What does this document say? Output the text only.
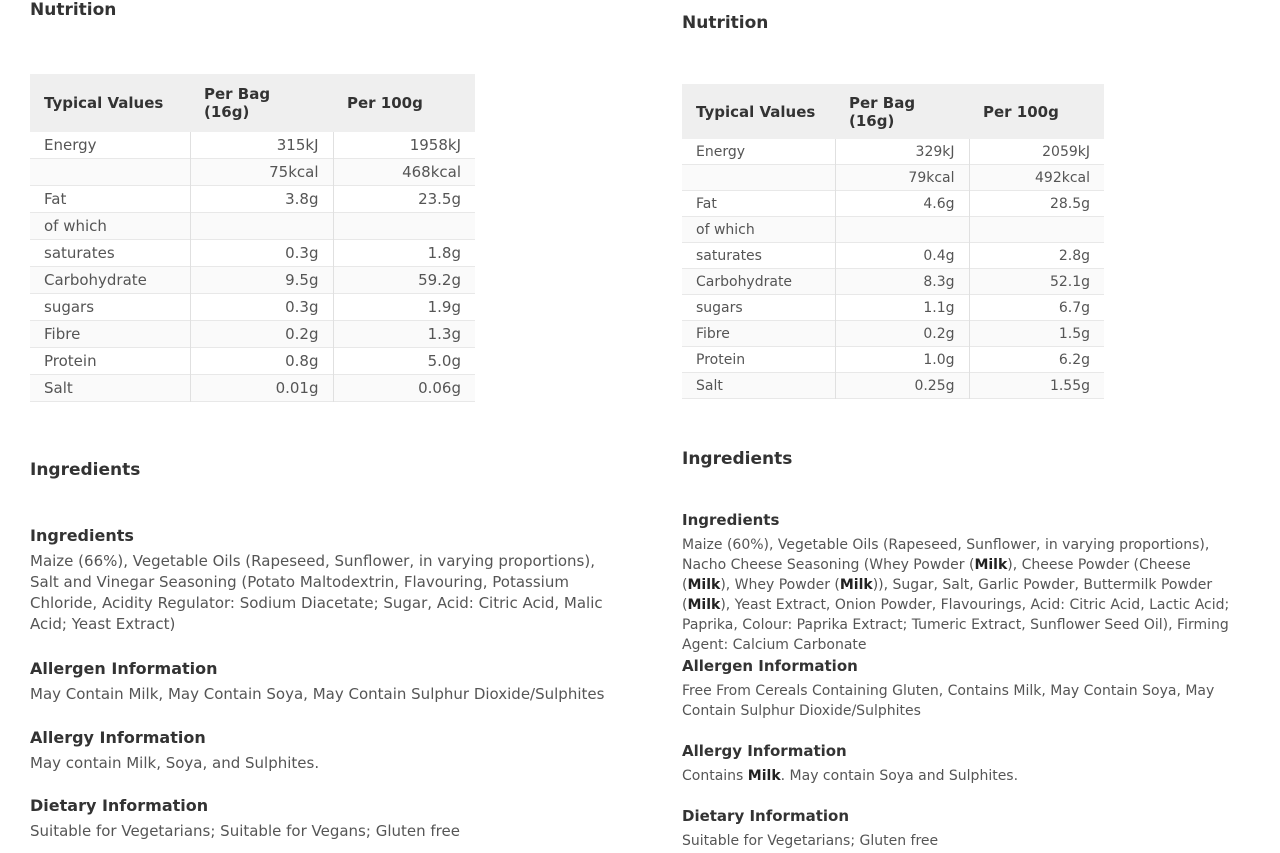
Nutrition

Typical Values	Per Bag (16g)	Per 100g
Energy	315kJ	1958kJ
	75kcal	468kcal
Fat	3.8g	23.5g
of which		
saturates	0.3g	1.8g
Carbohydrate	9.5g	59.2g
sugars	0.3g	1.9g
Fibre	0.2g	1.3g
Protein	0.8g	5.0g
Salt	0.01g	0.06g

Ingredients

Ingredients

Maize (66%), Vegetable Oils (Rapeseed, Sunflower, in varying proportions), Salt and Vinegar Seasoning (Potato Maltodextrin, Flavouring, Potassium Chloride, Acidity Regulator: Sodium Diacetate; Sugar, Acid: Citric Acid, Malic Acid; Yeast Extract)

Allergen Information

May Contain Milk, May Contain Soya, May Contain Sulphur Dioxide/Sulphites

Allergy Information

May contain Milk, Soya, and Sulphites.

Dietary Information

Suitable for Vegetarians; Suitable for Vegans; Gluten free

Nutrition

Typical Values	Per Bag (16g)	Per 100g
Energy	329kJ	2059kJ
	79kcal	492kcal
Fat	4.6g	28.5g
of which		
saturates	0.4g	2.8g
Carbohydrate	8.3g	52.1g
sugars	1.1g	6.7g
Fibre	0.2g	1.5g
Protein	1.0g	6.2g
Salt	0.25g	1.55g

Ingredients

Ingredients

Maize (60%), Vegetable Oils (Rapeseed, Sunflower, in varying proportions), Nacho Cheese Seasoning (Whey Powder (Milk), Cheese Powder (Cheese (Milk), Whey Powder (Milk)), Sugar, Salt, Garlic Powder, Buttermilk Powder (Milk), Yeast Extract, Onion Powder, Flavourings, Acid: Citric Acid, Lactic Acid; Paprika, Colour: Paprika Extract; Tumeric Extract, Sunflower Seed Oil), Firming Agent: Calcium Carbonate

Allergen Information

Free From Cereals Containing Gluten, Contains Milk, May Contain Soya, May Contain Sulphur Dioxide/Sulphites

Allergy Information

Contains Milk. May contain Soya and Sulphites.

Dietary Information

Suitable for Vegetarians; Gluten free
